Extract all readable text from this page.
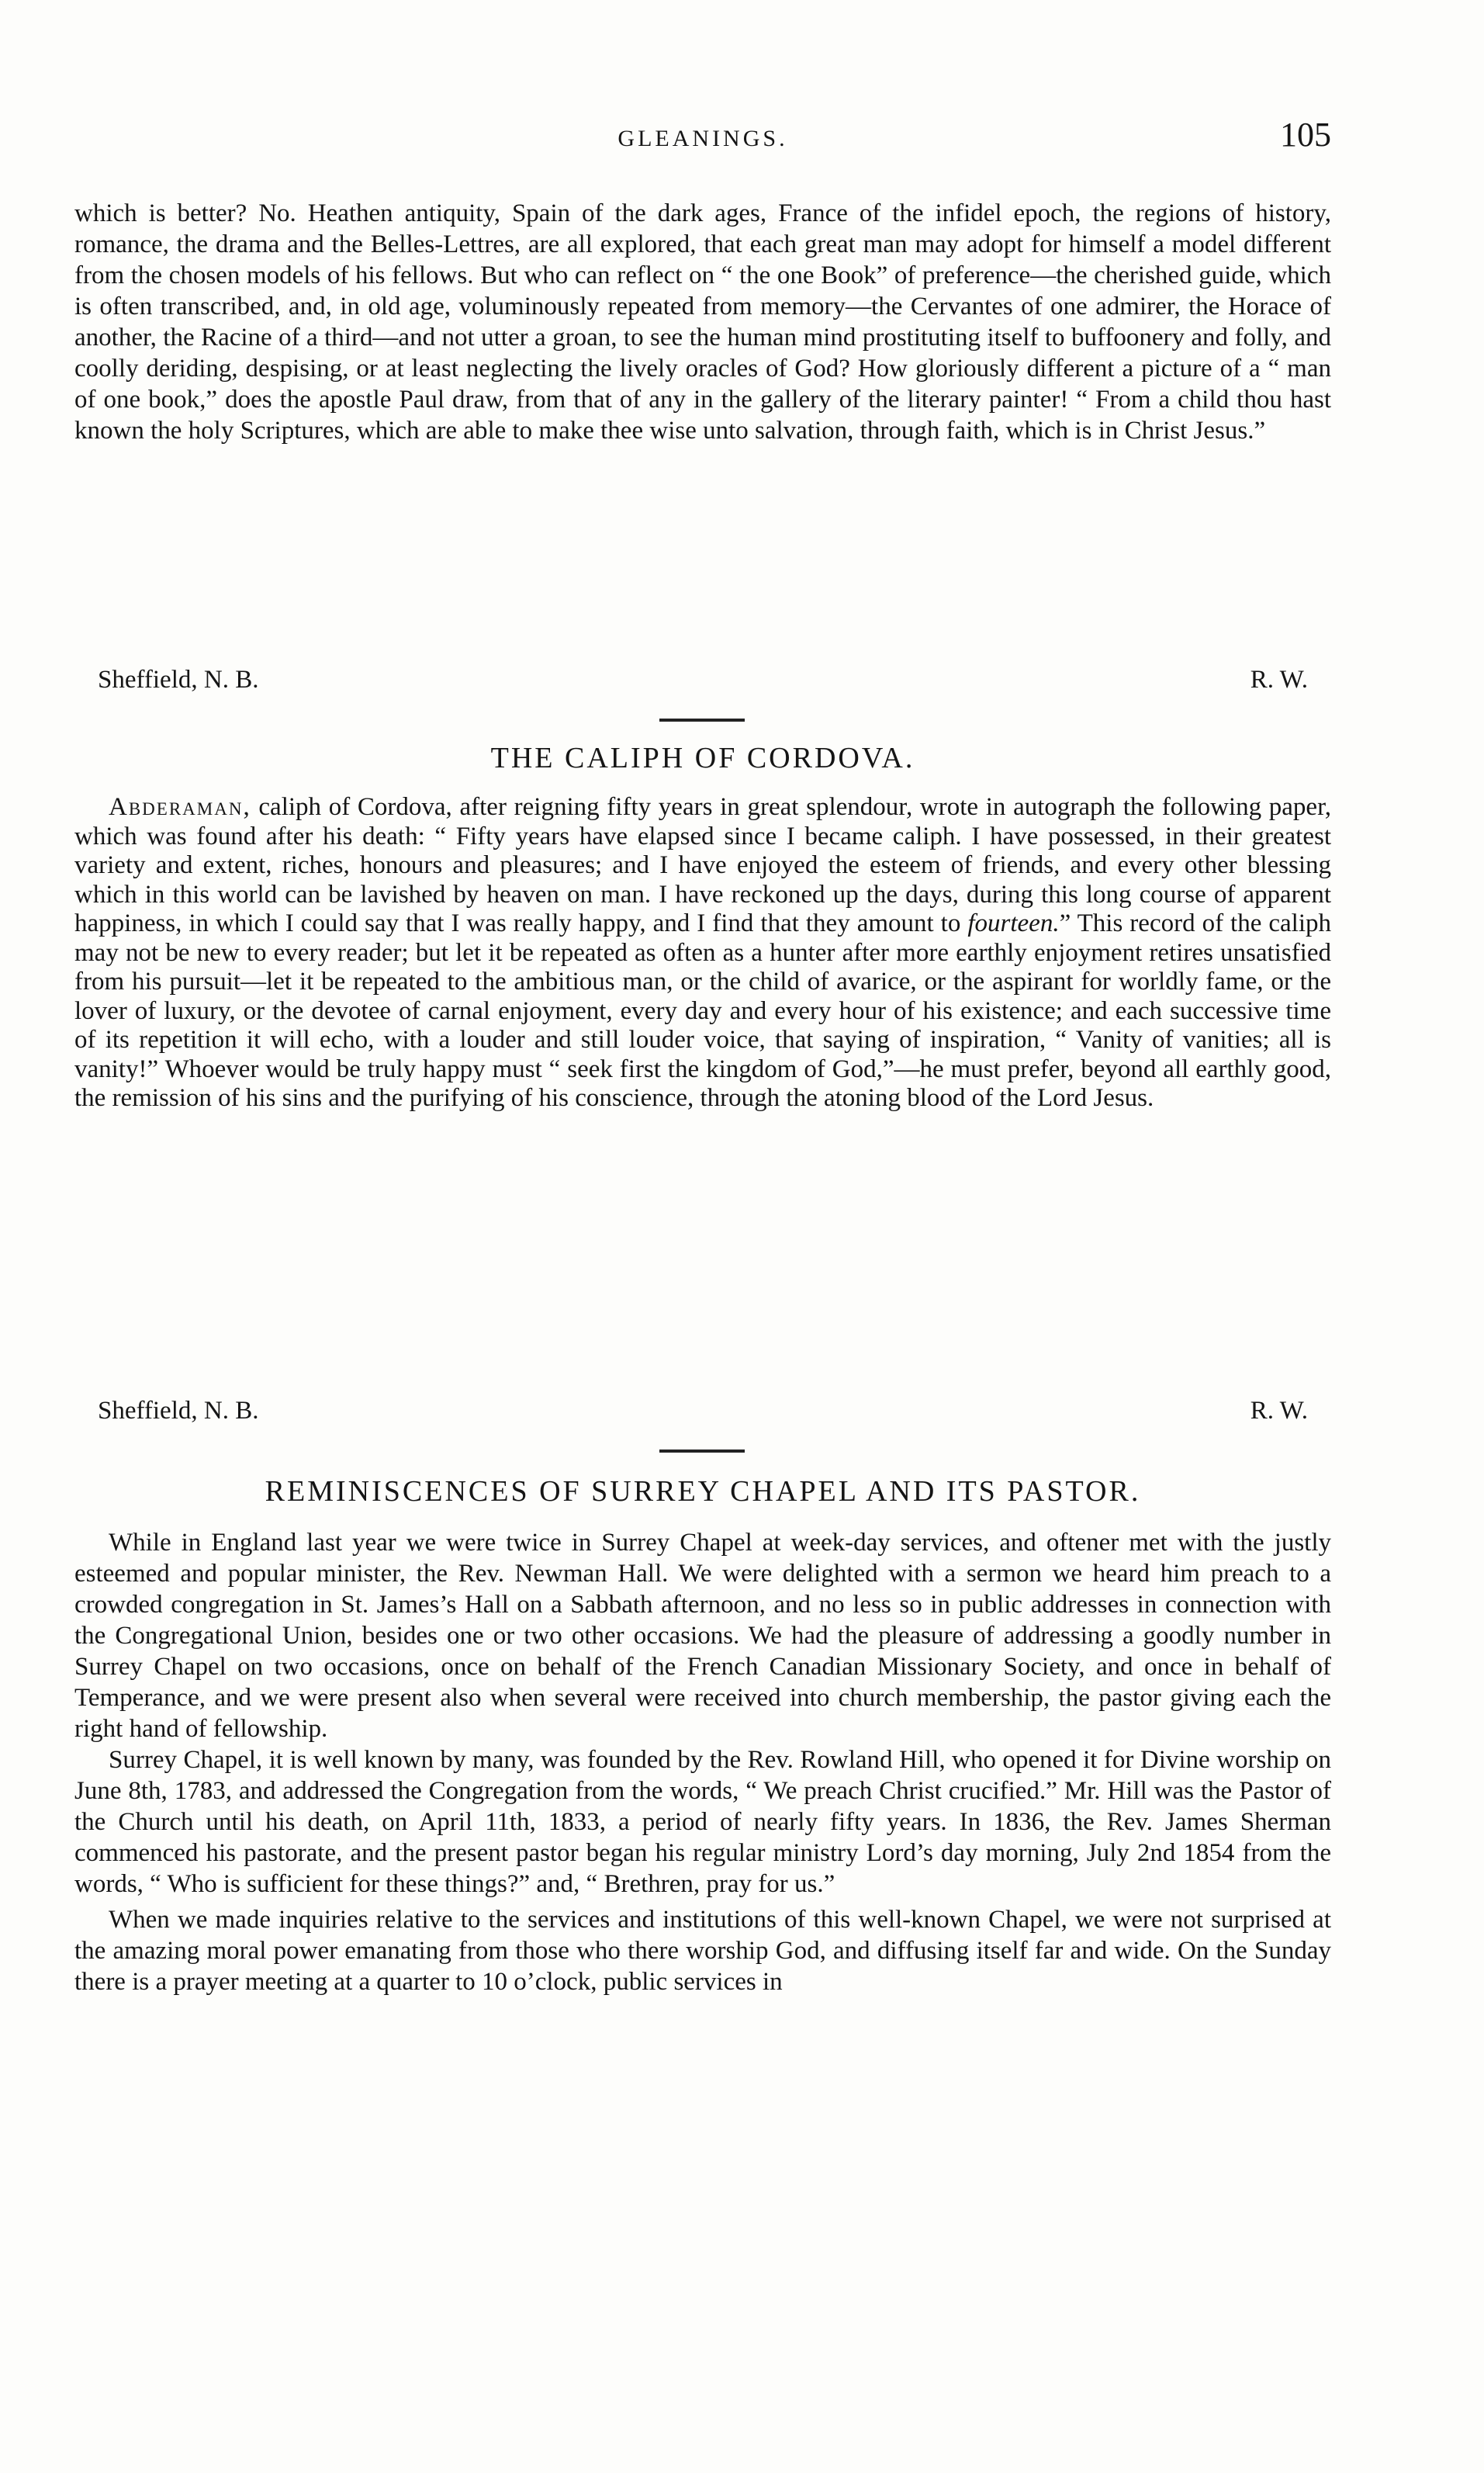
GLEANINGS.	105

which is better? No. Heathen antiquity, Spain of the dark ages, France of the infidel epoch, the regions of history, romance, the drama and the Belles-Lettres, are all explored, that each great man may adopt for himself a model different from the chosen models of his fellows. But who can reflect on “ the one Book” of preference—the cherished guide, which is often transcribed, and, in old age, voluminously repeated from memory—the Cervantes of one admirer, the Horace of another, the Racine of a third—and not utter a groan, to see the human mind prostituting itself to buffoonery and folly, and coolly deriding, despising, or at least neglecting the lively oracles of God? How gloriously different a picture of a “ man of one book,” does the apostle Paul draw, from that of any in the gallery of the literary painter! “ From a child thou hast known the holy Scriptures, which are able to make thee wise unto salvation, through faith, which is in Christ Jesus.”

Sheffield, N. B.	R. W.
THE CALIPH OF CORDOVA.

Abderaman, caliph of Cordova, after reigning fifty years in great splendour, wrote in autograph the following paper, which was found after his death: “ Fifty years have elapsed since I became caliph. I have possessed, in their greatest variety and extent, riches, honours and pleasures; and I have enjoyed the esteem of friends, and every other blessing which in this world can be lavished by heaven on man. I have reckoned up the days, during this long course of apparent happiness, in which I could say that I was really happy, and I find that they amount to fourteen.” This record of the caliph may not be new to every reader; but let it be repeated as often as a hunter after more earthly enjoyment retires unsatisfied from his pursuit—let it be repeated to the ambitious man, or the child of avarice, or the aspirant for worldly fame, or the lover of luxury, or the devotee of carnal enjoyment, every day and every hour of his existence; and each successive time of its repetition it will echo, with a louder and still louder voice, that saying of inspiration, “ Vanity of vanities; all is vanity!” Whoever would be truly happy must “ seek first the kingdom of God,”—he must prefer, beyond all earthly good, the remission of his sins and the purifying of his conscience, through the atoning blood of the Lord Jesus.

Sheffield, N. B.	R. W.
REMINISCENCES OF SURREY CHAPEL AND ITS PASTOR.

While in England last year we were twice in Surrey Chapel at week-day services, and oftener met with the justly esteemed and popular minister, the Rev. Newman Hall. We were delighted with a sermon we heard him preach to a crowded congregation in St. James’s Hall on a Sabbath afternoon, and no less so in public addresses in connection with the Congregational Union, besides one or two other occasions. We had the pleasure of addressing a goodly number in Surrey Chapel on two occasions, once on behalf of the French Canadian Missionary Society, and once in behalf of Temperance, and we were present also when several were received into church membership, the pastor giving each the right hand of fellowship.

Surrey Chapel, it is well known by many, was founded by the Rev. Rowland Hill, who opened it for Divine worship on June 8th, 1783, and addressed the Congregation from the words, “ We preach Christ crucified.” Mr. Hill was the Pastor of the Church until his death, on April 11th, 1833, a period of nearly fifty years. In 1836, the Rev. James Sherman commenced his pastorate, and the present pastor began his regular ministry Lord’s day morning, July 2nd 1854 from the words, “ Who is sufficient for these things?” and, “ Brethren, pray for us.”

When we made inquiries relative to the services and institutions of this well-known Chapel, we were not surprised at the amazing moral power emanating from those who there worship God, and diffusing itself far and wide. On the Sunday there is a prayer meeting at a quarter to 10 o’clock, public services in
